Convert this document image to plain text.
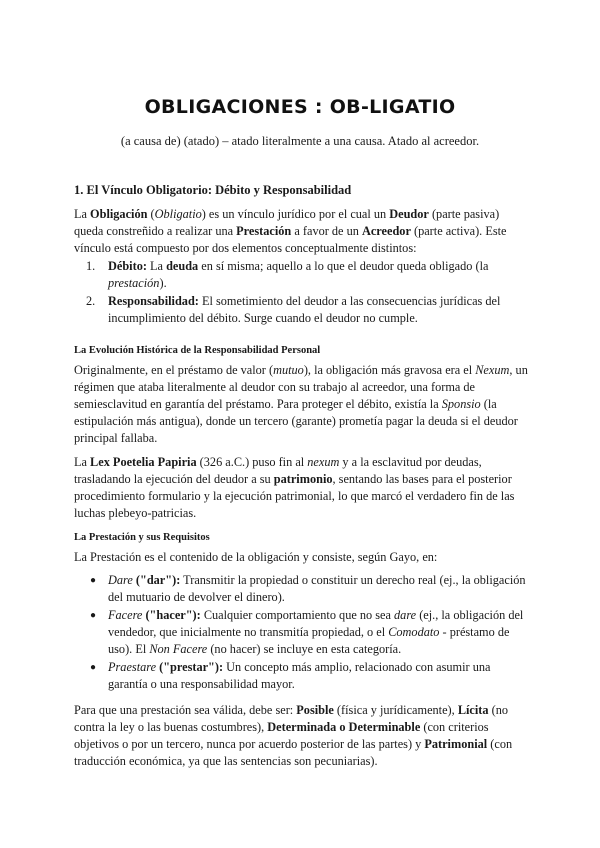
OBLIGACIONES : OB-LIGATIO

(a causa de) (atado) – atado literalmente a una causa. Atado al acreedor.

1. El Vínculo Obligatorio: Débito y Responsabilidad

La Obligación (Obligatio) es un vínculo jurídico por el cual un Deudor (parte pasiva) queda constreñido a realizar una Prestación a favor de un Acreedor (parte activa). Este vínculo está compuesto por dos elementos conceptualmente distintos:

1. Débito: La deuda en sí misma; aquello a lo que el deudor queda obligado (la prestación).
2. Responsabilidad: El sometimiento del deudor a las consecuencias jurídicas del incumplimiento del débito. Surge cuando el deudor no cumple.
La Evolución Histórica de la Responsabilidad Personal

Originalmente, en el préstamo de valor (mutuo), la obligación más gravosa era el Nexum, un régimen que ataba literalmente al deudor con su trabajo al acreedor, una forma de semiesclavitud en garantía del préstamo. Para proteger el débito, existía la Sponsio (la estipulación más antigua), donde un tercero (garante) prometía pagar la deuda si el deudor principal fallaba.

La Lex Poetelia Papiria (326 a.C.) puso fin al nexum y a la esclavitud por deudas, trasladando la ejecución del deudor a su patrimonio, sentando las bases para el posterior procedimiento formulario y la ejecución patrimonial, lo que marcó el verdadero fin de las luchas plebeyo-patricias.

La Prestación y sus Requisitos

La Prestación es el contenido de la obligación y consiste, según Gayo, en:

● Dare ("dar"): Transmitir la propiedad o constituir un derecho real (ej., la obligación del mutuario de devolver el dinero).
● Facere ("hacer"): Cualquier comportamiento que no sea dare (ej., la obligación del vendedor, que inicialmente no transmitía propiedad, o el Comodato - préstamo de uso). El Non Facere (no hacer) se incluye en esta categoría.
● Praestare ("prestar"): Un concepto más amplio, relacionado con asumir una garantía o una responsabilidad mayor.

Para que una prestación sea válida, debe ser: Posible (física y jurídicamente), Lícita (no contra la ley o las buenas costumbres), Determinada o Determinable (con criterios objetivos o por un tercero, nunca por acuerdo posterior de las partes) y Patrimonial (con traducción económica, ya que las sentencias son pecuniarias).
